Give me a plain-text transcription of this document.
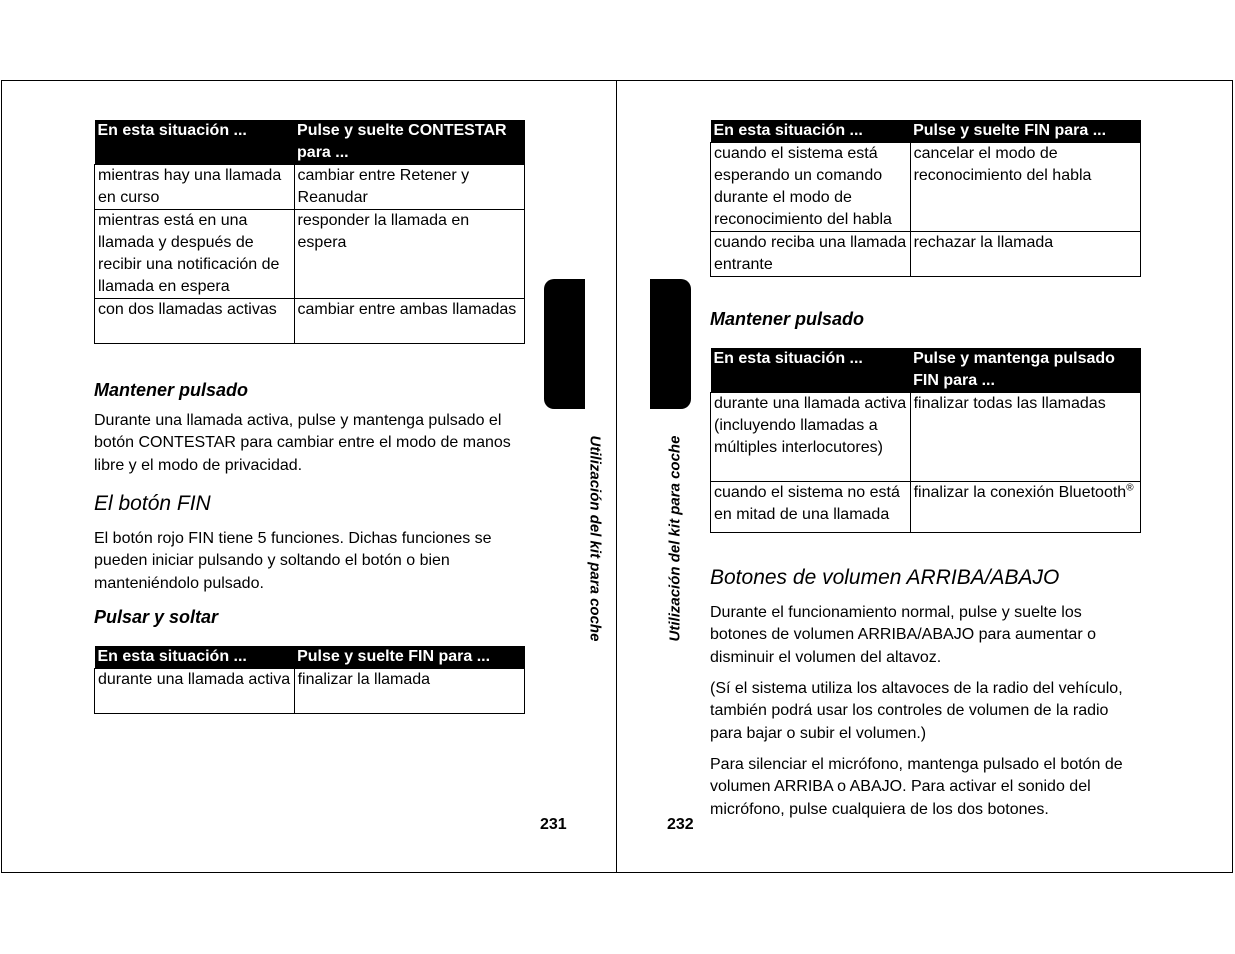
En esta situación ...	Pulse y suelte CONTESTAR para ...
mientras hay una llamada en curso	cambiar entre Retener y Reanudar
mientras está en una llamada y después de recibir una notificación de llamada en espera	responder la llamada en espera
con dos llamadas activas	cambiar entre ambas llamadas
Mantener pulsado

Durante una llamada activa, pulse y mantenga pulsado el botón CONTESTAR para cambiar entre el modo de manos libre y el modo de privacidad.

El botón FIN

El botón rojo FIN tiene 5 funciones. Dichas funciones se pueden iniciar pulsando y soltando el botón o bien manteniéndolo pulsado.

Pulsar y soltar
En esta situación ...	Pulse y suelte FIN para ...
durante una llamada activa	finalizar la llamada
Utilización del kit para coche
231
Utilización del kit para coche
232
En esta situación ...	Pulse y suelte FIN para ...
cuando el sistema está esperando un comando durante el modo de reconocimiento del habla	cancelar el modo de reconocimiento del habla
cuando reciba una llamada entrante	rechazar la llamada
Mantener pulsado
En esta situación ...	Pulse y mantenga pulsado FIN para ...
durante una llamada activa (incluyendo llamadas a múltiples interlocutores)	finalizar todas las llamadas
cuando el sistema no está en mitad de una llamada	finalizar la conexión Bluetooth®
Botones de volumen ARRIBA/ABAJO

Durante el funcionamiento normal, pulse y suelte los botones de volumen ARRIBA/ABAJO para aumentar o disminuir el volumen del altavoz.

(Sí el sistema utiliza los altavoces de la radio del vehículo, también podrá usar los controles de volumen de la radio para bajar o subir el volumen.)

Para silenciar el micrófono, mantenga pulsado el botón de volumen ARRIBA o ABAJO. Para activar el sonido del micrófono, pulse cualquiera de los dos botones.
